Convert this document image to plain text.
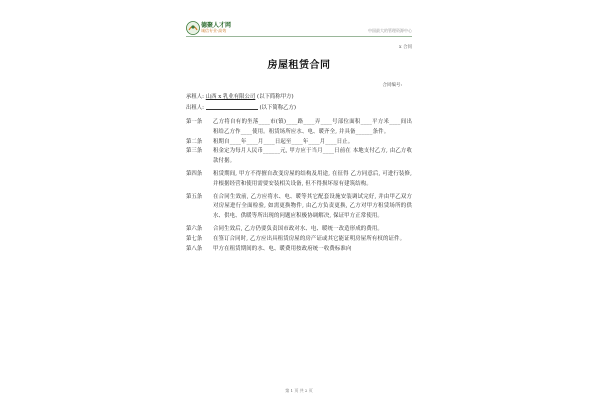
德聚人才网
诚信专业·高效	中国最大的管理资源中心
x 合同
房屋租赁合同
合同编号:
承租人: 山西 x 乳业有限公司 (以下简称甲方)
出租人:	(以下简称乙方)
第一条	乙方将自有的坐落____市(镇)____路____弄____号部位面积____平方米____间出租给乙方作____使用。租赁场所应水、电、暖齐全, 并具备______条件。
第二条	租期自____年____月____日起至____年____月____日止。
第三条	租金定为每月人民币______元, 甲方应于当月____日前在 本地支付乙方, 由乙方收款付据。
第四条	租赁期间, 甲方不得擅自改变房屋的结构及用途, 在征得 乙方同意后, 可进行装修, 并根据经营和使用需要安装相关设备, 但不得损坏原有建筑结构。
第五条	在合同生效前, 乙方应将水、电、暖等其它配套设施安装调试完好, 并由甲乙双方对房屋进行全面检验, 如需更换物件, 由乙方负责更换, 乙方对甲方租赁场所的供水、供电、供暖等所出现的问题应积极协调解决, 保证甲方正常使用。
第六条	合同生效后, 乙方仍要负责国市政对水、电、暖统一改造形成的费用。
第七条	在签订合同时, 乙方应出具租赁房屋的房产证或其它能证明房屋所有权的证件。
第八条	甲方在租赁期间的水、电、暖费用按政府统一收费标准向
第 1 页 共 2 页
